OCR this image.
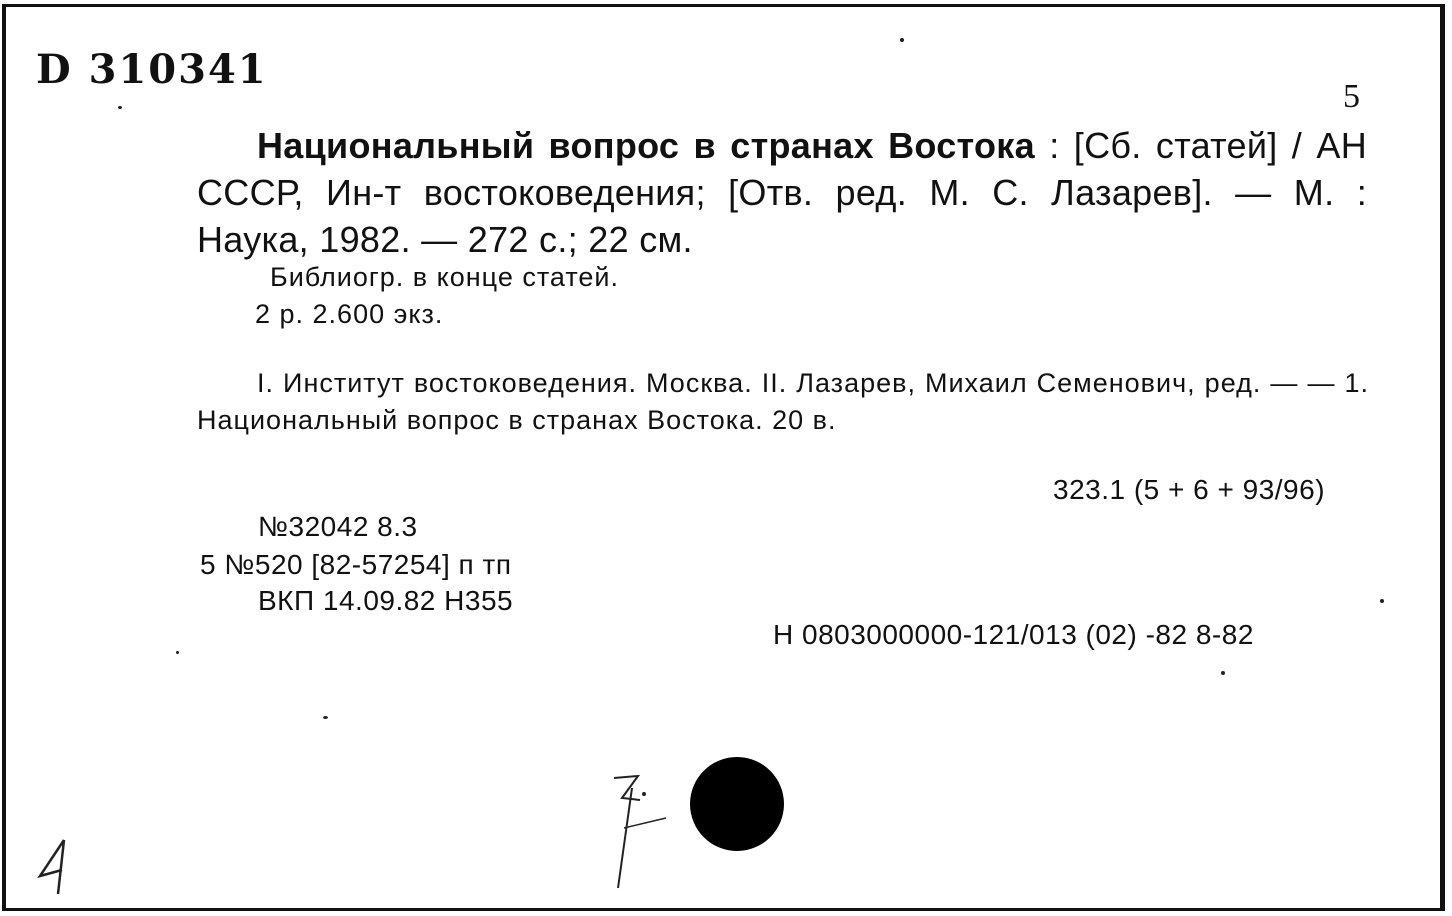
D 310341
5
Национальный вопрос в странах Востока : [Сб. статей] / АН СССР, Ин-т востоковедения; [Отв. ред. М. С. Лазарев]. — М. : Наука, 1982. — 272 с.; 22 см.
Библиогр. в конце статей.
2 р. 2.600 экз.
I. Институт востоковедения. Москва. II. Лазарев, Михаил Семенович, ред. — — 1. Национальный вопрос в странах Востока. 20 в.
323.1 (5 + 6 + 93/96)
№32042 8.3
5 №520 [82-57254] п тп
ВКП 14.09.82 Н355
Н 0803000000-121/013 (02) -82 8-82
